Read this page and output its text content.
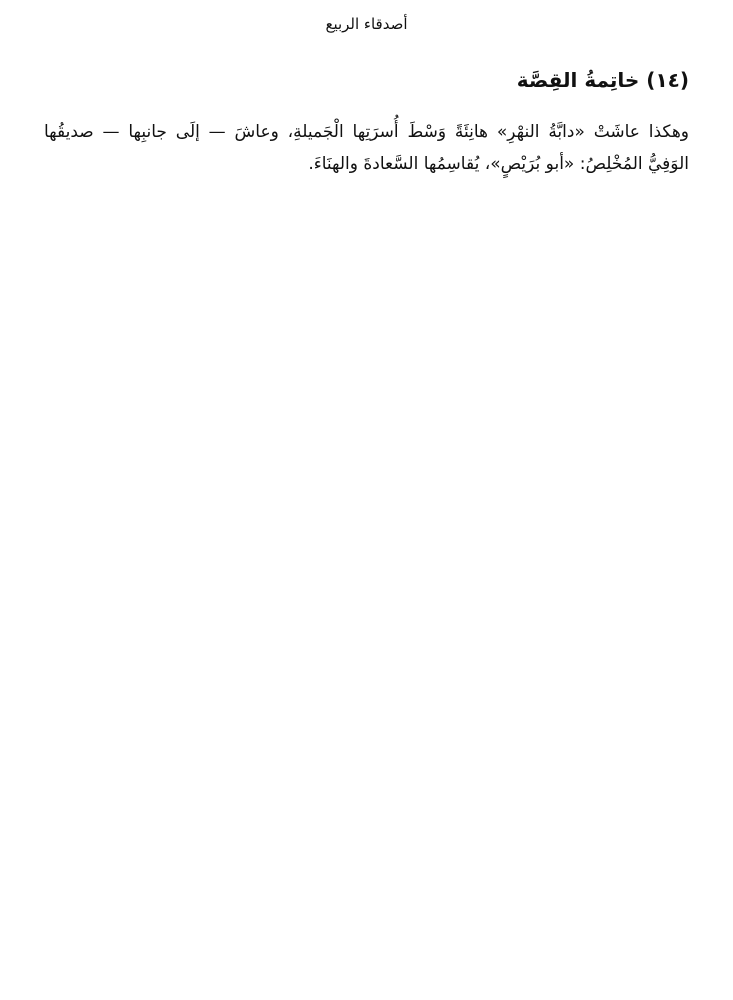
أصدقاء الربيع
(١٤) خاتِمةُ القِصَّة

وهكذا عاشَتْ «دابَّةُ النهْرِ» هانِئَةً وَسْطَ أُسرَتِها الْجَميلةِ، وعاشَ — إلَى جانبِها — صديقُها الوَفِيُّ المُخْلِصُ: «أبو بُرَيْصٍ»، يُقاسِمُها السَّعادةَ والهنَاءَ.
